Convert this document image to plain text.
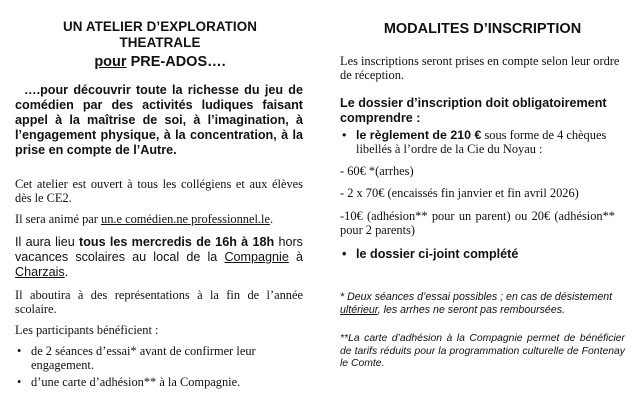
UN ATELIER D’EXPLORATION
THEATRALE
pour PRE-ADOS….
….pour découvrir toute la richesse du jeu de comédien par des activités ludiques faisant appel à la maîtrise de soi, à l’imagination, à l’engagement physique, à la concentration, à la prise en compte de l’Autre.
Cet atelier est ouvert à tous les collégiens et aux élèves dès le CE2.
Il sera animé par un.e comédien.ne professionnel.le.
Il aura lieu tous les mercredis de 16h à 18h hors vacances scolaires au local de la Compagnie à Charzais.
Il aboutira à des représentations à la fin de l’année scolaire.
Les participants bénéficient :
• de 2 séances d’essai* avant de confirmer leur engagement.
• d’une carte d’adhésion** à la Compagnie.
MODALITES D’INSCRIPTION
Les inscriptions seront prises en compte selon leur ordre de réception.
Le dossier d’inscription doit obligatoirement comprendre :
• le règlement de 210 € sous forme de 4 chèques libellés à l’ordre de la Cie du Noyau :
- 60€ *(arrhes)
- 2 x 70€ (encaissés fin janvier et fin avril 2026)
-10€ (adhésion** pour un parent) ou 20€ (adhésion** pour 2 parents)
• le dossier ci-joint complété
* Deux séances d’essai possibles ; en cas de désistement ultérieur, les arrhes ne seront pas remboursées.
**La carte d’adhésion à la Compagnie permet de bénéficier de tarifs réduits pour la programmation culturelle de Fontenay le Comte.
